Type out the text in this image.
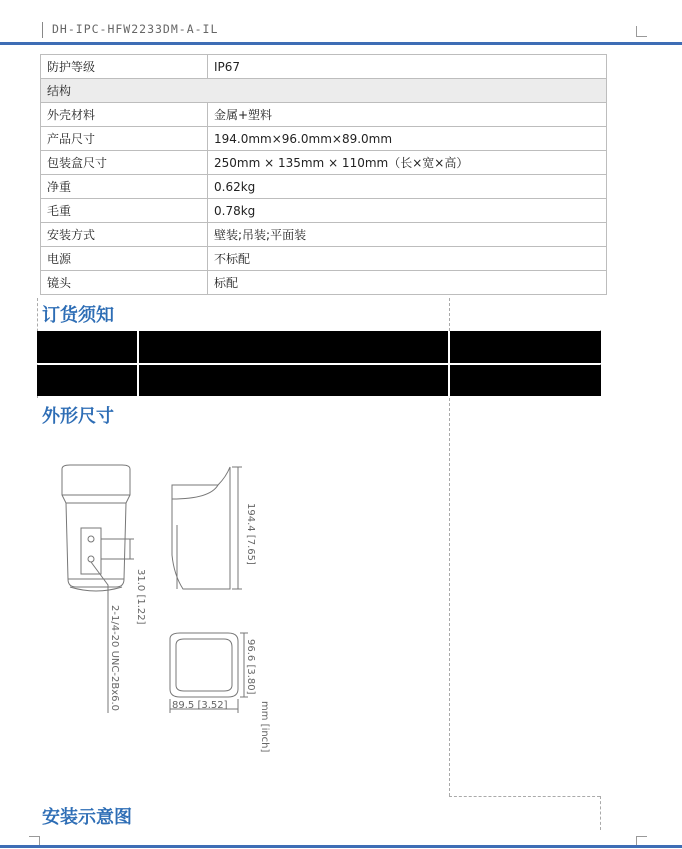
DH-IPC-HFW2233DM-A-IL
防护等级	IP67
结构	
外壳材料	金属+塑料
产品尺寸	194.0mm×96.0mm×89.0mm
包装盒尺寸	250mm × 135mm × 110mm（长×宽×高）
净重	0.62kg
毛重	0.78kg
安装方式	壁装;吊装;平面装
电源	不标配
镜头	标配
订货须知
外形尺寸
194.4 [7.65]
31.0 [1.22]
2-1/4-20 UNC-2Bx6.0	96.6 [3.80]
89.5 [3.52]	mm [inch]
安装示意图
